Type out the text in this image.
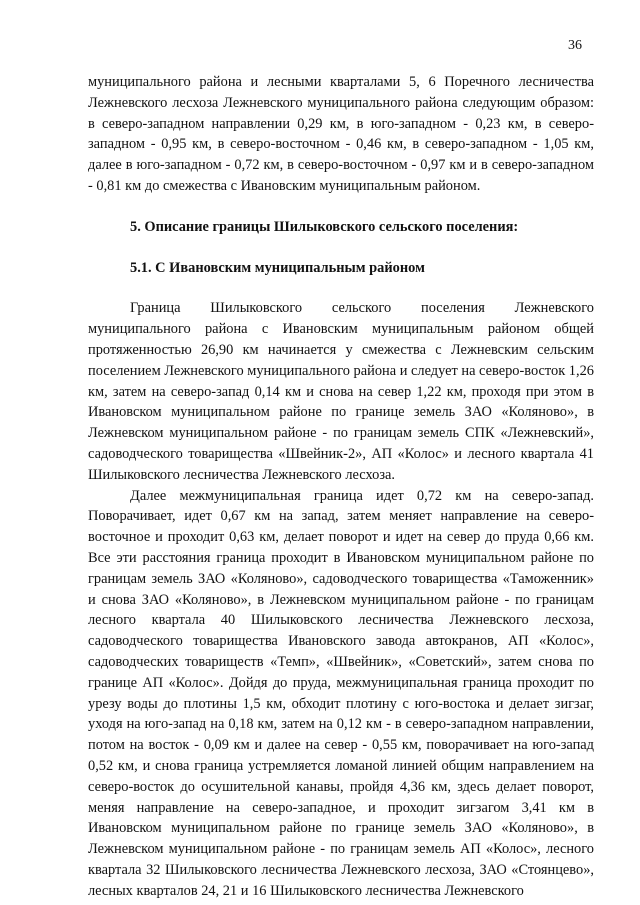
36

муниципального района и лесными кварталами 5, 6 Поречного лесничества Лежневского лесхоза Лежневского муниципального района следующим образом: в северо-западном направлении 0,29 км, в юго-западном - 0,23 км, в северо-западном - 0,95 км, в северо-восточном - 0,46 км, в северо-западном - 1,05 км, далее в юго-западном - 0,72 км, в северо-восточном - 0,97 км и в северо-западном - 0,81 км до смежества с Ивановским муниципальным районом.

5. Описание границы Шилыковского сельского поселения:
5.1. С Ивановским муниципальным районом

Граница Шилыковского сельского поселения Лежневского муниципального района с Ивановским муниципальным районом общей протяженностью 26,90 км начинается у смежества с Лежневским сельским поселением Лежневского муниципального района и следует на северо-восток 1,26 км, затем на северо-запад 0,14 км и снова на север 1,22 км, проходя при этом в Ивановском муниципальном районе по границе земель ЗАО «Коляново», в Лежневском муниципальном районе - по границам земель СПК «Лежневский», садоводческого товарищества «Швейник-2», АП «Колос» и лесного квартала 41 Шилыковского лесничества Лежневского лесхоза.

Далее межмуниципальная граница идет 0,72 км на северо-запад. Поворачивает, идет 0,67 км на запад, затем меняет направление на северо-восточное и проходит 0,63 км, делает поворот и идет на север до пруда 0,66 км. Все эти расстояния граница проходит в Ивановском муниципальном районе по границам земель ЗАО «Коляново», садоводческого товарищества «Таможенник» и снова ЗАО «Коляново», в Лежневском муниципальном районе - по границам лесного квартала 40 Шилыковского лесничества Лежневского лесхоза, садоводческого товарищества Ивановского завода автокранов, АП «Колос», садоводческих товариществ «Темп», «Швейник», «Советский», затем снова по границе АП «Колос». Дойдя до пруда, межмуниципальная граница проходит по урезу воды до плотины 1,5 км, обходит плотину с юго-востока и делает зигзаг, уходя на юго-запад на 0,18 км, затем на 0,12 км - в северо-западном направлении, потом на восток - 0,09 км и далее на север - 0,55 км, поворачивает на юго-запад 0,52 км, и снова граница устремляется ломаной линией общим направлением на северо-восток до осушительной канавы, пройдя 4,36 км, здесь делает поворот, меняя направление на северо-западное, и проходит зигзагом 3,41 км в Ивановском муниципальном районе по границе земель ЗАО «Коляново», в Лежневском муниципальном районе - по границам земель АП «Колос», лесного квартала 32 Шилыковского лесничества Лежневского лесхоза, ЗАО «Стоянцево», лесных кварталов 24, 21 и 16 Шилыковского лесничества Лежневского
